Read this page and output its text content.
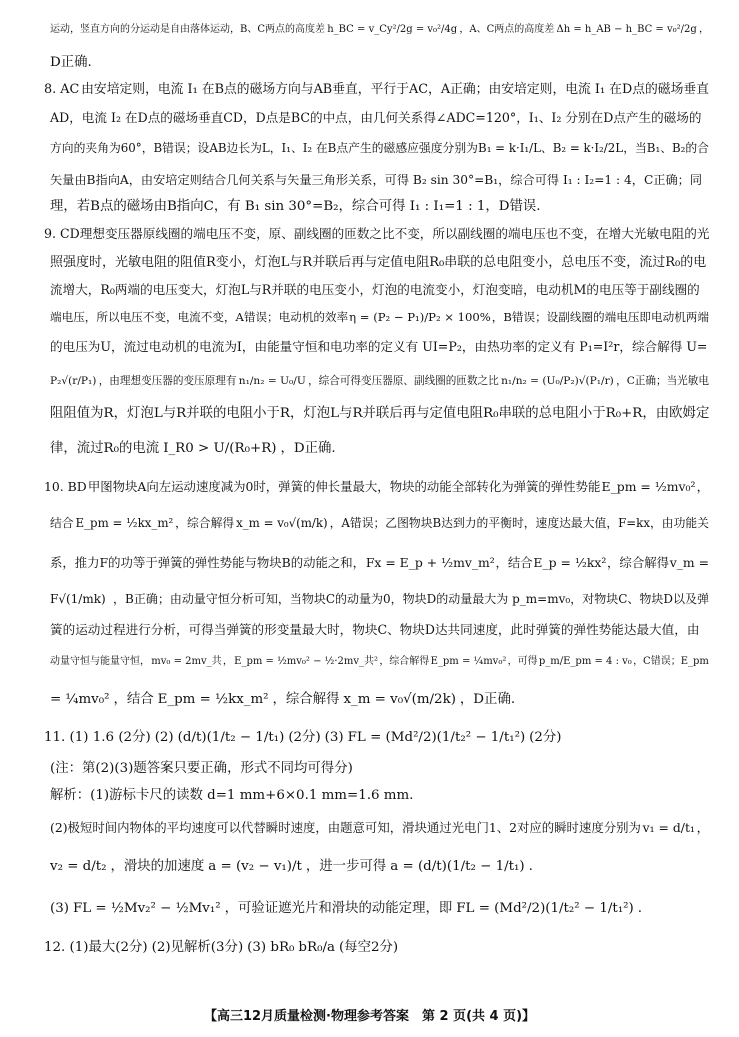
运动，竖直方向的分运动是自由落体运动，B、C两点的高度差 h_BC = v_Cy²/2g = v₀²/4g ，A、C两点的高度差 Δh = h_AB − h_BC = v₀²/2g ，
D正确.
8. AC 由安培定则，电流 I₁ 在B点的磁场方向与AB垂直，平行于AC，A正确；由安培定则，电流 I₁ 在D点的磁场垂直
AD，电流 I₂ 在D点的磁场垂直CD，D点是BC的中点，由几何关系得∠ADC=120°，I₁、I₂ 分别在D点产生的磁场的
方向的夹角为60°，B错误；设AB边长为L，I₁、I₂ 在B点产生的磁感应强度分别为 B₁ = k·I₁/L、B₂ = k·I₂/2L ，当B₁、B₂的合
矢量由B指向A，由安培定则结合几何关系与矢量三角形关系，可得 B₂ sin 30°=B₁，综合可得 I₁ : I₂=1 : 4，C正确；同
理，若B点的磁场由B指向C，有 B₁ sin 30°=B₂，综合可得 I₁ : I₁=1 : 1，D错误.
9. CD 理想变压器原线圈的端电压不变，原、副线圈的匝数之比不变，所以副线圈的端电压也不变，在增大光敏电阻的光
照强度时，光敏电阻的阻值R变小，灯泡L与R并联后再与定值电阻R₀串联的总电阻变小，总电压不变，流过R₀的电
流增大，R₀两端的电压变大，灯泡L与R并联的电压变小，灯泡的电流变小，灯泡变暗，电动机M的电压等于副线圈的
端电压，所以电压不变，电流不变，A错误；电动机的效率 η = (P₂ − P₁)/P₂ × 100% ，B错误；设副线圈的端电压即电动机两端
的电压为U，流过电动机的电流为I，由能量守恒和电功率的定义有 UI=P₂，由热功率的定义有 P₁=I²r，综合解得 U=
P₂√(r/P₁) ，由理想变压器的变压原理有 n₁/n₂ = U₀/U ，综合可得变压器原、副线圈的匝数之比 n₁/n₂ = (U₀/P₂)√(P₁/r) ，C正确；当光敏电
阻阻值为R，灯泡L与R并联的电阻小于R，灯泡L与R并联后再与定值电阻R₀串联的总电阻小于R₀+R，由欧姆定
律，流过R₀的电流 I_R0 > U/(R₀+R) ，D正确.
10. BD 甲图物块A向左运动速度减为0时，弹簧的伸长量最大，物块的动能全部转化为弹簧的弹性势能 E_pm = ½mv₀² ，
结合 E_pm = ½kx_m² ，综合解得 x_m = v₀√(m/k) ，A错误；乙图物块B达到力的平衡时，速度达最大值，F=kx，由功能关
系，推力F的功等于弹簧的弹性势能与物块B的动能之和， Fx = E_p + ½mv_m² ，结合 E_p = ½kx² ，综合解得 v_m =
F√(1/mk) ，B正确；由动量守恒分析可知，当物块C的动量为0，物块D的动量最大为 p_m=mv₀，对物块C、物块D以及弹
簧的运动过程进行分析，可得当弹簧的形变量最大时，物块C、物块D达共同速度，此时弹簧的弹性势能达最大值，由
动量守恒与能量守恒， mv₀ = 2mv_共 ， E_pm = ½mv₀² − ½·2mv_共² ，综合解得 E_pm = ¼mv₀² ，可得 p_m/E_pm = 4 : v₀ ，C错误；E_pm
= ¼mv₀² ，结合 E_pm = ½kx_m² ，综合解得 x_m = v₀√(m/2k) ，D正确.
11. (1) 1.6 (2分) (2) (d/t)(1/t₂ − 1/t₁) (2分) (3) FL = (Md²/2)(1/t₂² − 1/t₁²) (2分)
(注：第(2)(3)题答案只要正确，形式不同均可得分)
解析：(1)游标卡尺的读数 d=1 mm+6×0.1 mm=1.6 mm.
(2)极短时间内物体的平均速度可以代替瞬时速度，由题意可知，滑块通过光电门1、2对应的瞬时速度分别为 v₁ = d/t₁ ，
v₂ = d/t₂ ，滑块的加速度 a = (v₂ − v₁)/t ，进一步可得 a = (d/t)(1/t₂ − 1/t₁) .
(3) FL = ½Mv₂² − ½Mv₁² ，可验证遮光片和滑块的动能定理，即 FL = (Md²/2)(1/t₂² − 1/t₁²) .
12. (1)最大(2分) (2)见解析(3分) (3) bR₀ bR₀/a (每空2分)
【高三12月质量检测·物理参考答案　第 2 页(共 4 页)】
